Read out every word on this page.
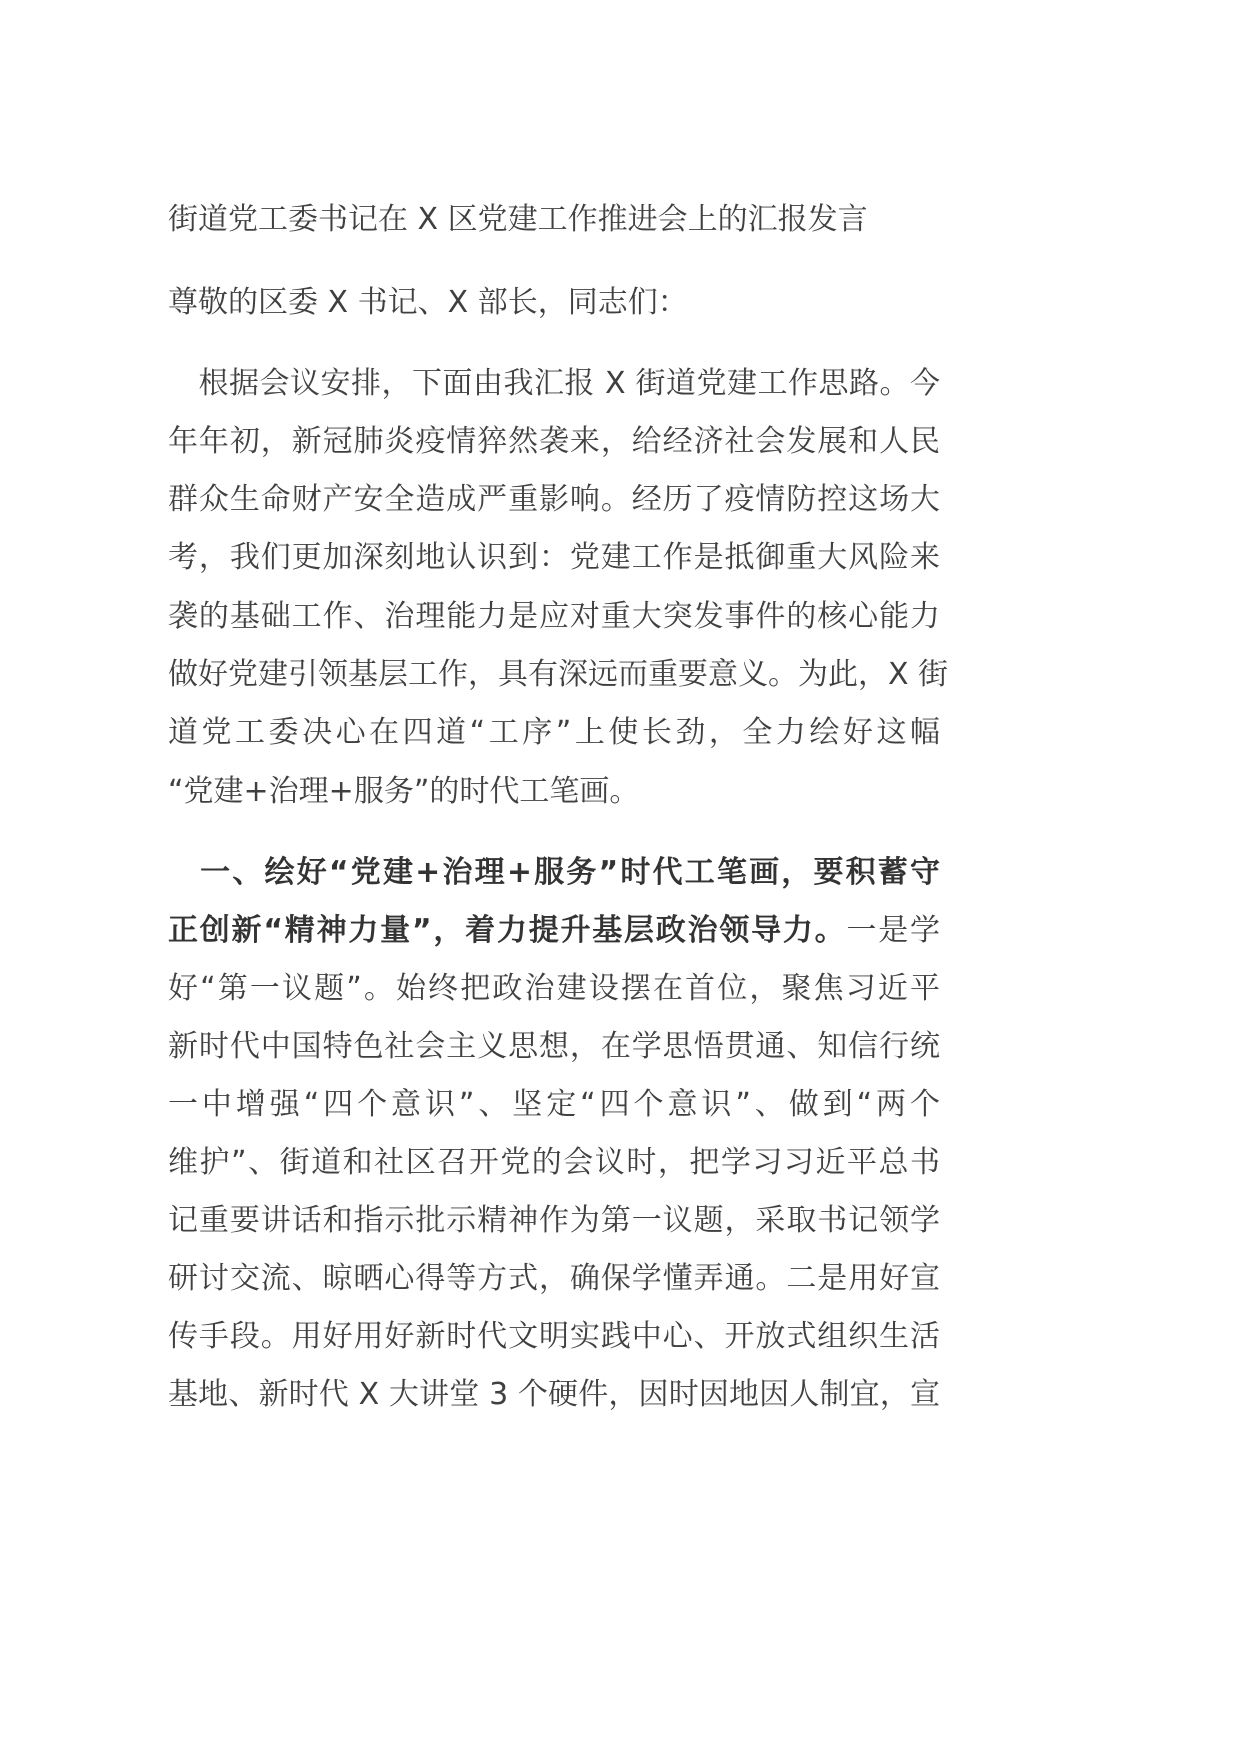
街道党工委书记在 X 区党建工作推进会上的汇报发言
尊敬的区委 X 书记、X 部长，同志们：
　根据会议安排，下面由我汇报 X 街道党建工作思路。今
年年初，新冠肺炎疫情猝然袭来，给经济社会发展和人民
群众生命财产安全造成严重影响。经历了疫情防控这场大
考，我们更加深刻地认识到：党建工作是抵御重大风险来
袭的基础工作、治理能力是应对重大突发事件的核心能力
做好党建引领基层工作，具有深远而重要意义。为此，X 街
道党工委决心在四道“工序”上使长劲，全力绘好这幅
“党建+治理+服务”的时代工笔画。
　一、绘好“党建+治理+服务”时代工笔画，要积蓄守
正创新“精神力量”，着力提升基层政治领导力。一是学
好“第一议题”。始终把政治建设摆在首位，聚焦习近平
新时代中国特色社会主义思想，在学思悟贯通、知信行统
一中增强“四个意识”、坚定“四个意识”、做到“两个
维护”、街道和社区召开党的会议时，把学习习近平总书
记重要讲话和指示批示精神作为第一议题，采取书记领学
研讨交流、晾晒心得等方式，确保学懂弄通。二是用好宣
传手段。用好用好新时代文明实践中心、开放式组织生活
基地、新时代 X 大讲堂 3 个硬件，因时因地因人制宜，宣
